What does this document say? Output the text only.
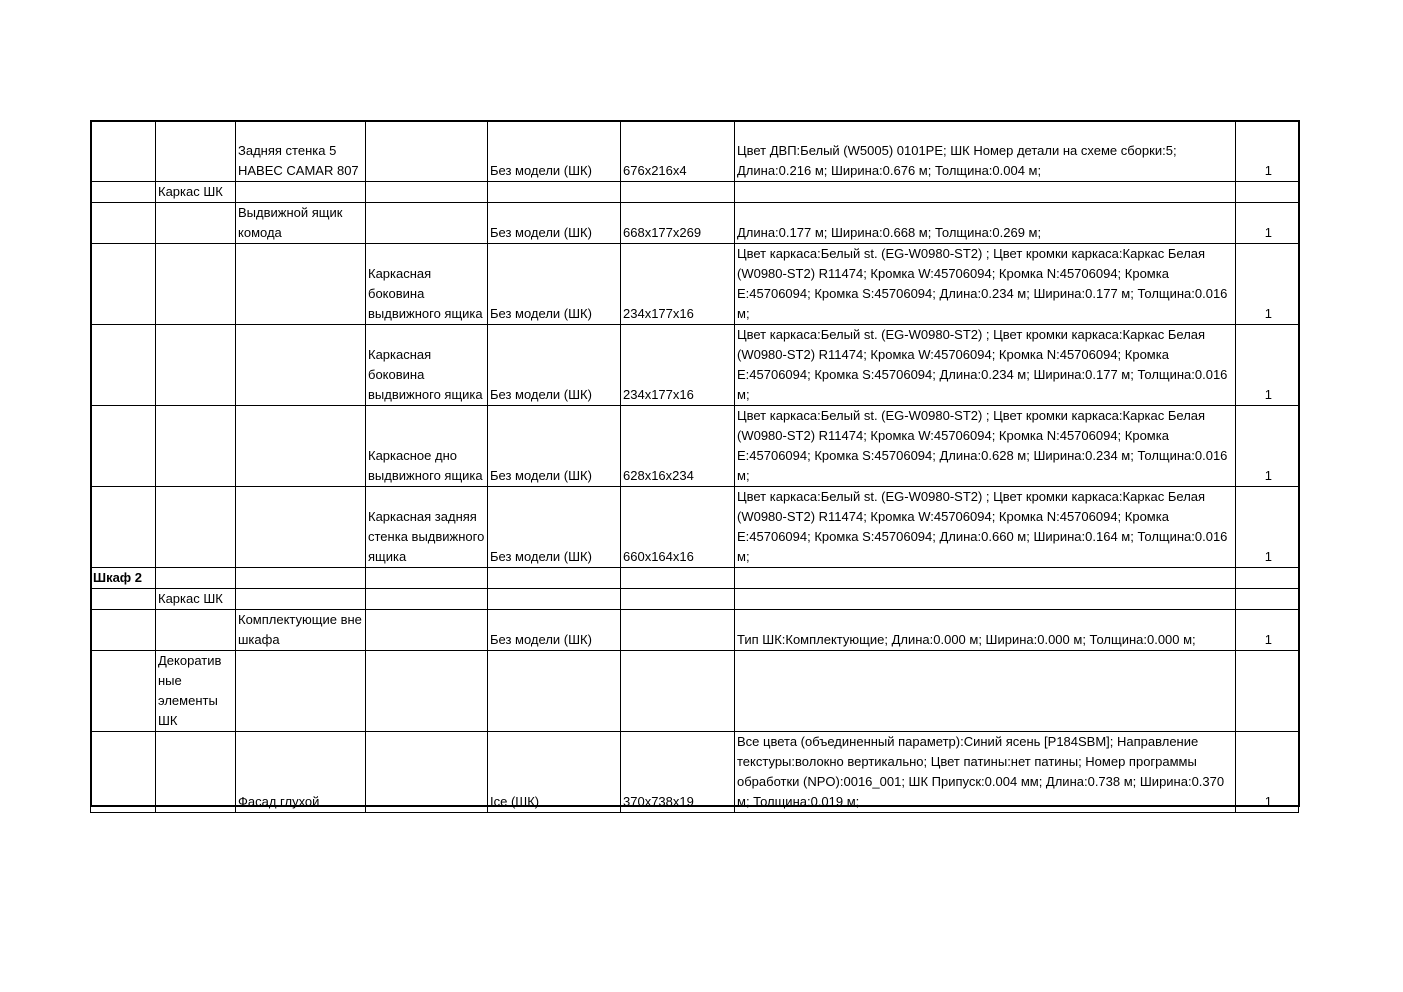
		Задняя стенка 5 HABEC CAMAR 807		Без модели (ШК)	676x216x4	Цвет ДВП:Белый (W5005) 0101PE; ШК Номер детали на схеме сборки:5; Длина:0.216 м; Ширина:0.676 м; Толщина:0.004 м;	1
	Каркас ШК						
		Выдвижной ящик комода		Без модели (ШК)	668x177x269	Длина:0.177 м; Ширина:0.668 м; Толщина:0.269 м;	1
			Каркасная боковина выдвижного ящика	Без модели (ШК)	234x177x16	Цвет каркаса:Белый st. (EG-W0980-ST2) ; Цвет кромки каркаса:Каркас Белая (W0980-ST2) R11474; Кромка W:45706094; Кромка N:45706094; Кромка E:45706094; Кромка S:45706094; Длина:0.234 м; Ширина:0.177 м; Толщина:0.016 м;	1
			Каркасная боковина выдвижного ящика	Без модели (ШК)	234x177x16	Цвет каркаса:Белый st. (EG-W0980-ST2) ; Цвет кромки каркаса:Каркас Белая (W0980-ST2) R11474; Кромка W:45706094; Кромка N:45706094; Кромка E:45706094; Кромка S:45706094; Длина:0.234 м; Ширина:0.177 м; Толщина:0.016 м;	1
			Каркасное дно выдвижного ящика	Без модели (ШК)	628x16x234	Цвет каркаса:Белый st. (EG-W0980-ST2) ; Цвет кромки каркаса:Каркас Белая (W0980-ST2) R11474; Кромка W:45706094; Кромка N:45706094; Кромка E:45706094; Кромка S:45706094; Длина:0.628 м; Ширина:0.234 м; Толщина:0.016 м;	1
			Каркасная задняя стенка выдвижного ящика	Без модели (ШК)	660x164x16	Цвет каркаса:Белый st. (EG-W0980-ST2) ; Цвет кромки каркаса:Каркас Белая (W0980-ST2) R11474; Кромка W:45706094; Кромка N:45706094; Кромка E:45706094; Кромка S:45706094; Длина:0.660 м; Ширина:0.164 м; Толщина:0.016 м;	1
Шкаф 2							
	Каркас ШК						
		Комплектующие вне шкафа		Без модели (ШК)		Тип ШК:Комплектующие; Длина:0.000 м; Ширина:0.000 м; Толщина:0.000 м;	1
	Декоратив ные элементы ШК						
		Фасад глухой		Ice (ШК)	370x738x19	Все цвета (объединенный параметр):Синий ясень [P184SBM]; Направление текстуры:волокно вертикально; Цвет патины:нет патины; Номер программы обработки (NPO):0016_001; ШК Припуск:0.004 мм; Длина:0.738 м; Ширина:0.370 м; Толщина:0.019 м;	1
